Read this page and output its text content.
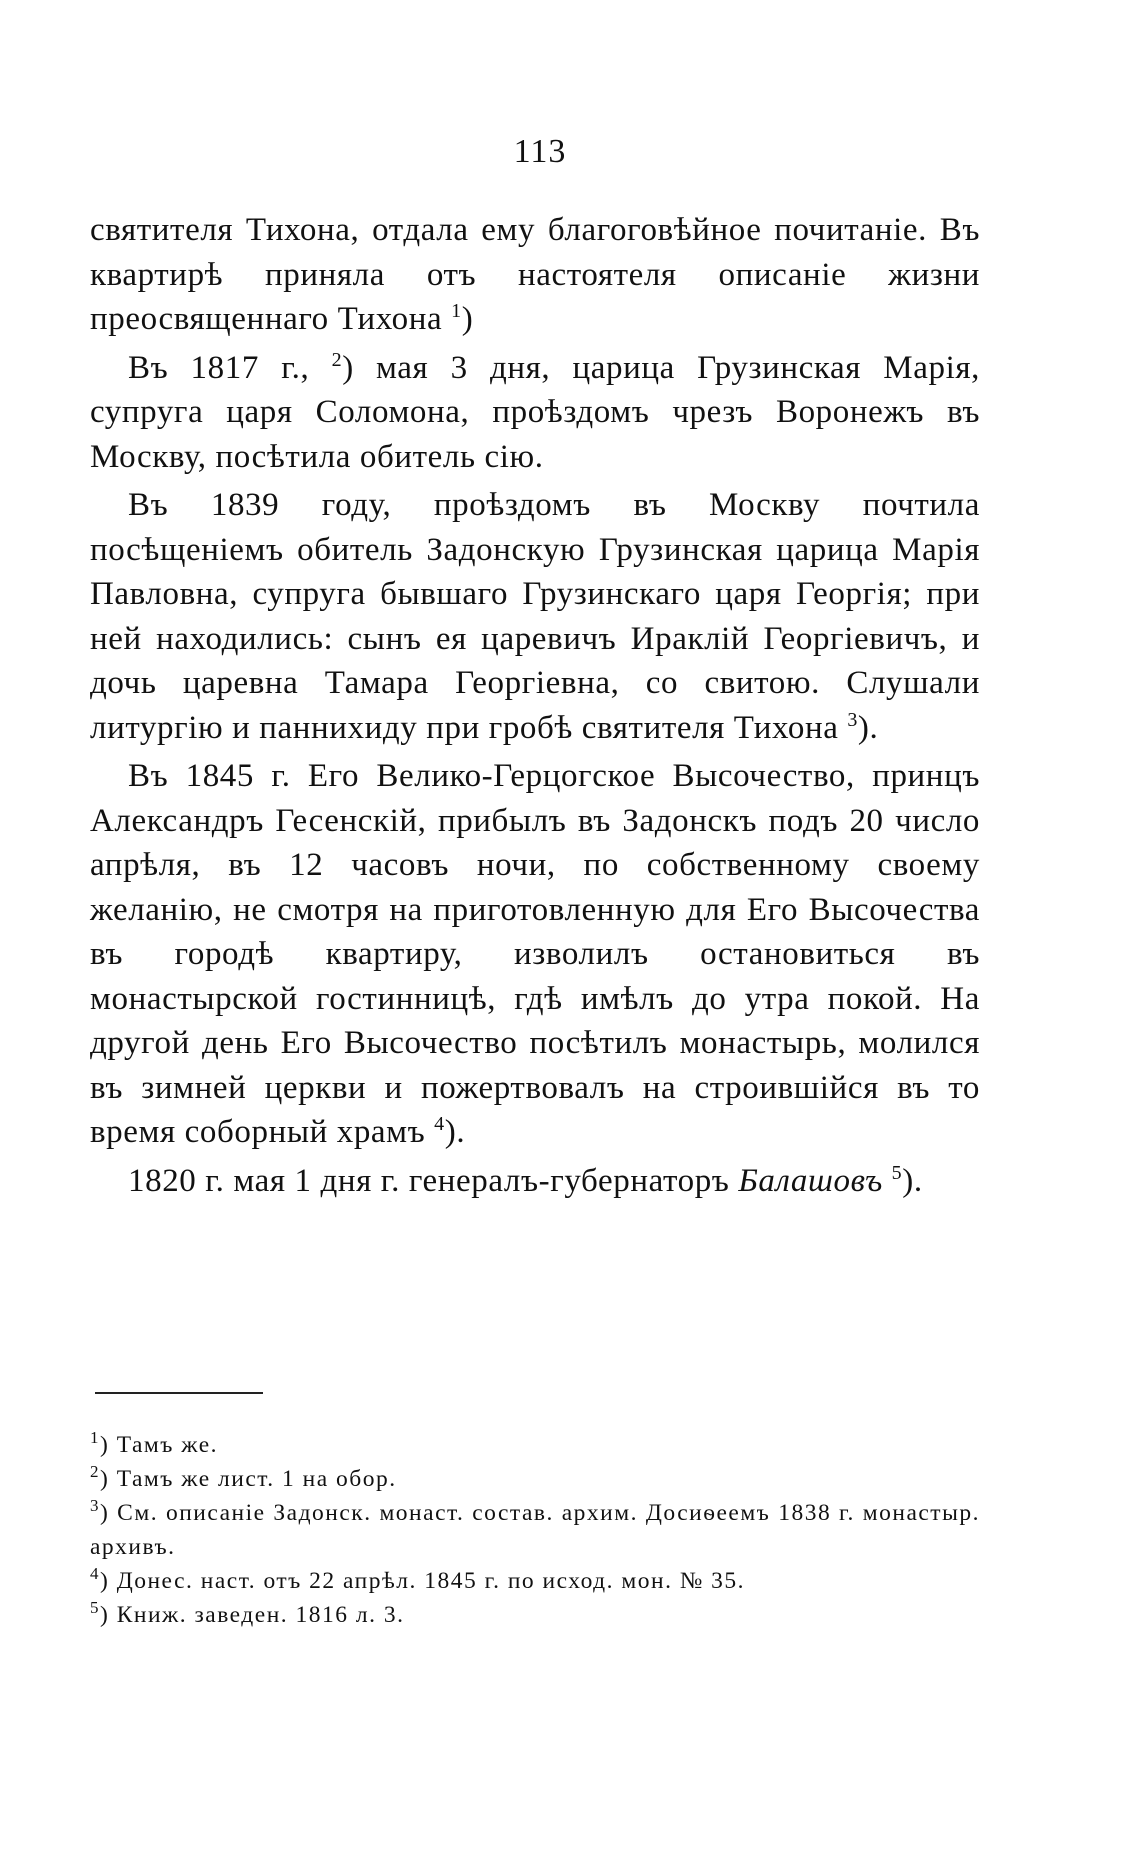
113

святителя Тихона, отдала ему благоговѣйное почитаніе. Въ квартирѣ приняла отъ настоятеля описаніе жизни преосвященнаго Тихона $^1$)

Въ 1817 г., $^2$) мая 3 дня, царица Грузинская Марія, супруга царя Соломона, проѣздомъ чрезъ Воронежъ въ Москву, посѣтила обитель сію.

Въ 1839 году, проѣздомъ въ Москву почтила посѣщеніемъ обитель Задонскую Грузинская царица Марія Павловна, супруга бывшаго Грузинскаго царя Георгія; при ней находились: сынъ ея царевичъ Ираклій Георгіевичъ, и дочь царевна Тамара Георгіевна, со свитою. Слушали литургію и паннихиду при гробѣ святителя Тихона $^3$).

Въ 1845 г. Его Велико-Герцогское Высочество, принцъ Александръ Гесенскій, прибылъ въ Задонскъ подъ 20 число апрѣля, въ 12 часовъ ночи, по собственному своему желанію, не смотря на приготовленную для Его Высочества въ городѣ квартиру, изволилъ остановиться въ монастырской гостинницѣ, гдѣ имѣлъ до утра покой. На другой день Его Высочество посѣтилъ монастырь, молился въ зимней церкви и пожертвовалъ на строившійся въ то время соборный храмъ $^4$).

1820 г. мая 1 дня г. генералъ-губернаторъ Балашовъ $^5$).

$^1$) Тамъ же.

$^2$) Тамъ же лист. 1 на обор.

$^3$) См. описаніе Задонск. монаст. состав. архим. Досиѳеемъ 1838 г. монастыр. архивъ.

$^4$) Донес. наст. отъ 22 апрѣл. 1845 г. по исход. мон. № 35.

$^5$) Книж. заведен. 1816 л. 3.
